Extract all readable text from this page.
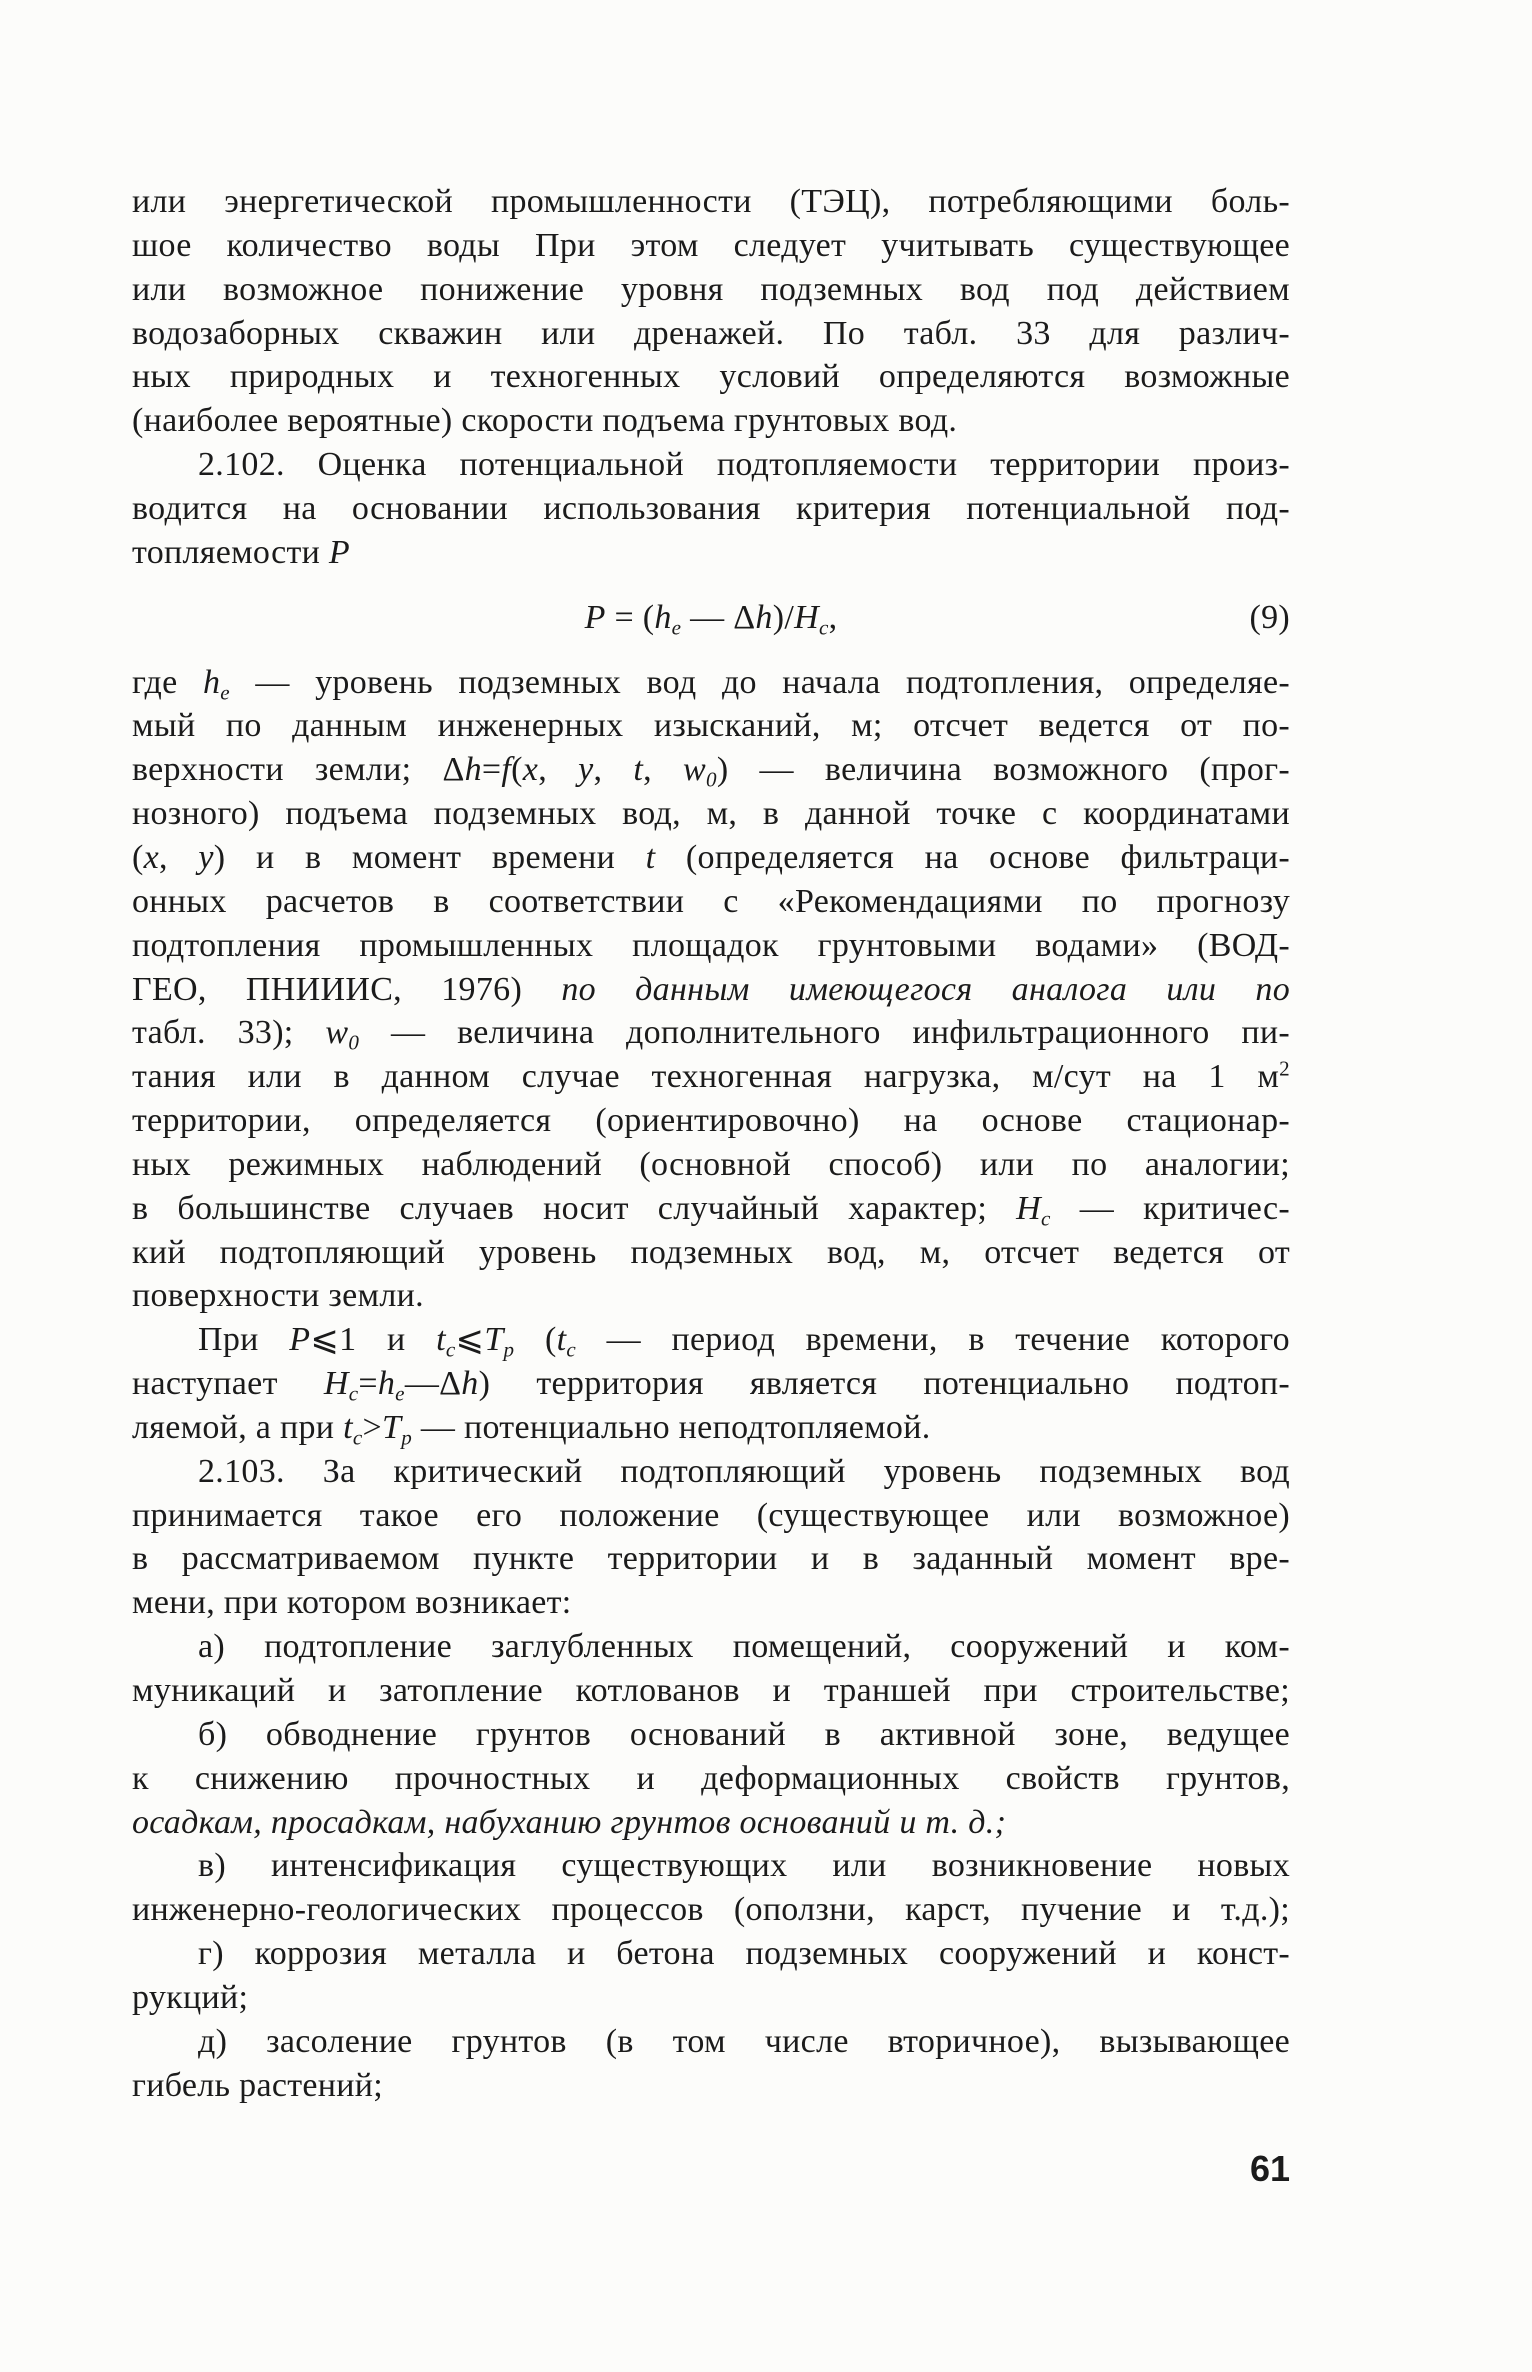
или энергетической промышленности (ТЭЦ), потребляющими боль-
шое количество воды При этом следует учитывать существующее
или возможное понижение уровня подземных вод под действием
водозаборных скважин или дренажей. По табл. 33 для различ-
ных природных и техногенных условий определяются возможные
(наиболее вероятные) скорости подъема грунтовых вод.
2.102. Оценка потенциальной подтопляемости территории произ-
водится на основании использования критерия потенциальной под-
топляемости P
$P = (h_e$ — $\Delta h)/H_c$,	(9)
где $h_e$ — уровень подземных вод до начала подтопления, определяе-
мый по данным инженерных изысканий, м; отсчет ведется от по-
верхности земли; Δh=f(x, y, t, $w_0$) — величина возможного (прог-
нозного) подъема подземных вод, м, в данной точке с координатами
(x, y) и в момент времени t (определяется на основе фильтраци-
онных расчетов в соответствии с «Рекомендациями по прогнозу
подтопления промышленных площадок грунтовыми водами» (ВОД-
ГЕО, ПНИИИС, 1976) по данным имеющегося аналога или по
табл. 33); $w_0$ — величина дополнительного инфильтрационного пи-
тания или в данном случае техногенная нагрузка, м/сут на 1 $м^2$
территории, определяется (ориентировочно) на основе стационар-
ных режимных наблюдений (основной способ) или по аналогии;
в большинстве случаев носит случайный характер; $H_c$ — критичес-
кий подтопляющий уровень подземных вод, м, отсчет ведется от
поверхности земли.
При P⩽1 и $t_c⩽T_р$ ($t_c$ — период времени, в течение которого
наступает $H_c=h_e—\Delta h$) территория является потенциально подтоп-
ляемой, а при $t_c>T_р$ — потенциально неподтопляемой.
2.103. За критический подтопляющий уровень подземных вод
принимается такое его положение (существующее или возможное)
в рассматриваемом пункте территории и в заданный момент вре-
мени, при котором возникает:
а) подтопление заглубленных помещений, сооружений и ком-
муникаций и затопление котлованов и траншей при строительстве;
б) обводнение грунтов оснований в активной зоне, ведущее
к снижению прочностных и деформационных свойств грунтов,
осадкам, просадкам, набуханию грунтов оснований и т. д.;
в) интенсификация существующих или возникновение новых
инженерно-геологических процессов (оползни, карст, пучение и т.д.);
г) коррозия металла и бетона подземных сооружений и конст-
рукций;
д) засоление грунтов (в том числе вторичное), вызывающее
гибель растений;
61
